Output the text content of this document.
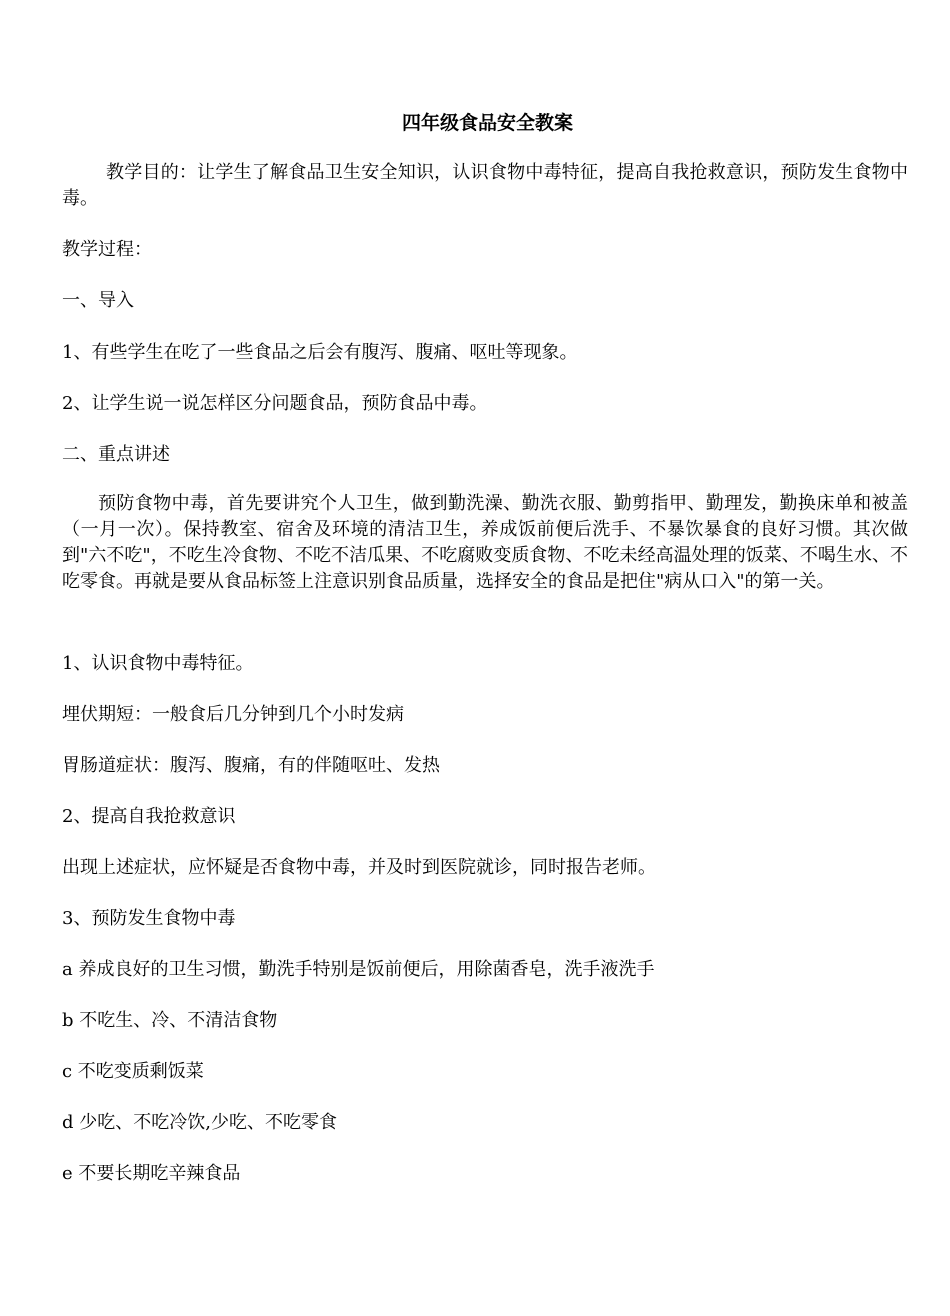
四年级食品安全教案
教学目的：让学生了解食品卫生安全知识，认识食物中毒特征，提高自我抢救意识，预防发生食物中毒。
教学过程：
一、导入
1、有些学生在吃了一些食品之后会有腹泻、腹痛、呕吐等现象。
2、让学生说一说怎样区分问题食品，预防食品中毒。
二、重点讲述
预防食物中毒，首先要讲究个人卫生，做到勤洗澡、勤洗衣服、勤剪指甲、勤理发，勤换床单和被盖（一月一次）。保持教室、宿舍及环境的清洁卫生，养成饭前便后洗手、不暴饮暴食的良好习惯。其次做到"六不吃"，不吃生冷食物、不吃不洁瓜果、不吃腐败变质食物、不吃未经高温处理的饭菜、不喝生水、不吃零食。再就是要从食品标签上注意识别食品质量，选择安全的食品是把住"病从口入"的第一关。
1、认识食物中毒特征。
埋伏期短：一般食后几分钟到几个小时发病
胃肠道症状：腹泻、腹痛，有的伴随呕吐、发热
2、提高自我抢救意识
出现上述症状，应怀疑是否食物中毒，并及时到医院就诊，同时报告老师。
3、预防发生食物中毒
a 养成良好的卫生习惯，勤洗手特别是饭前便后，用除菌香皂，洗手液洗手
b 不吃生、冷、不清洁食物
c 不吃变质剩饭菜
d 少吃、不吃冷饮,少吃、不吃零食
e 不要长期吃辛辣食品
